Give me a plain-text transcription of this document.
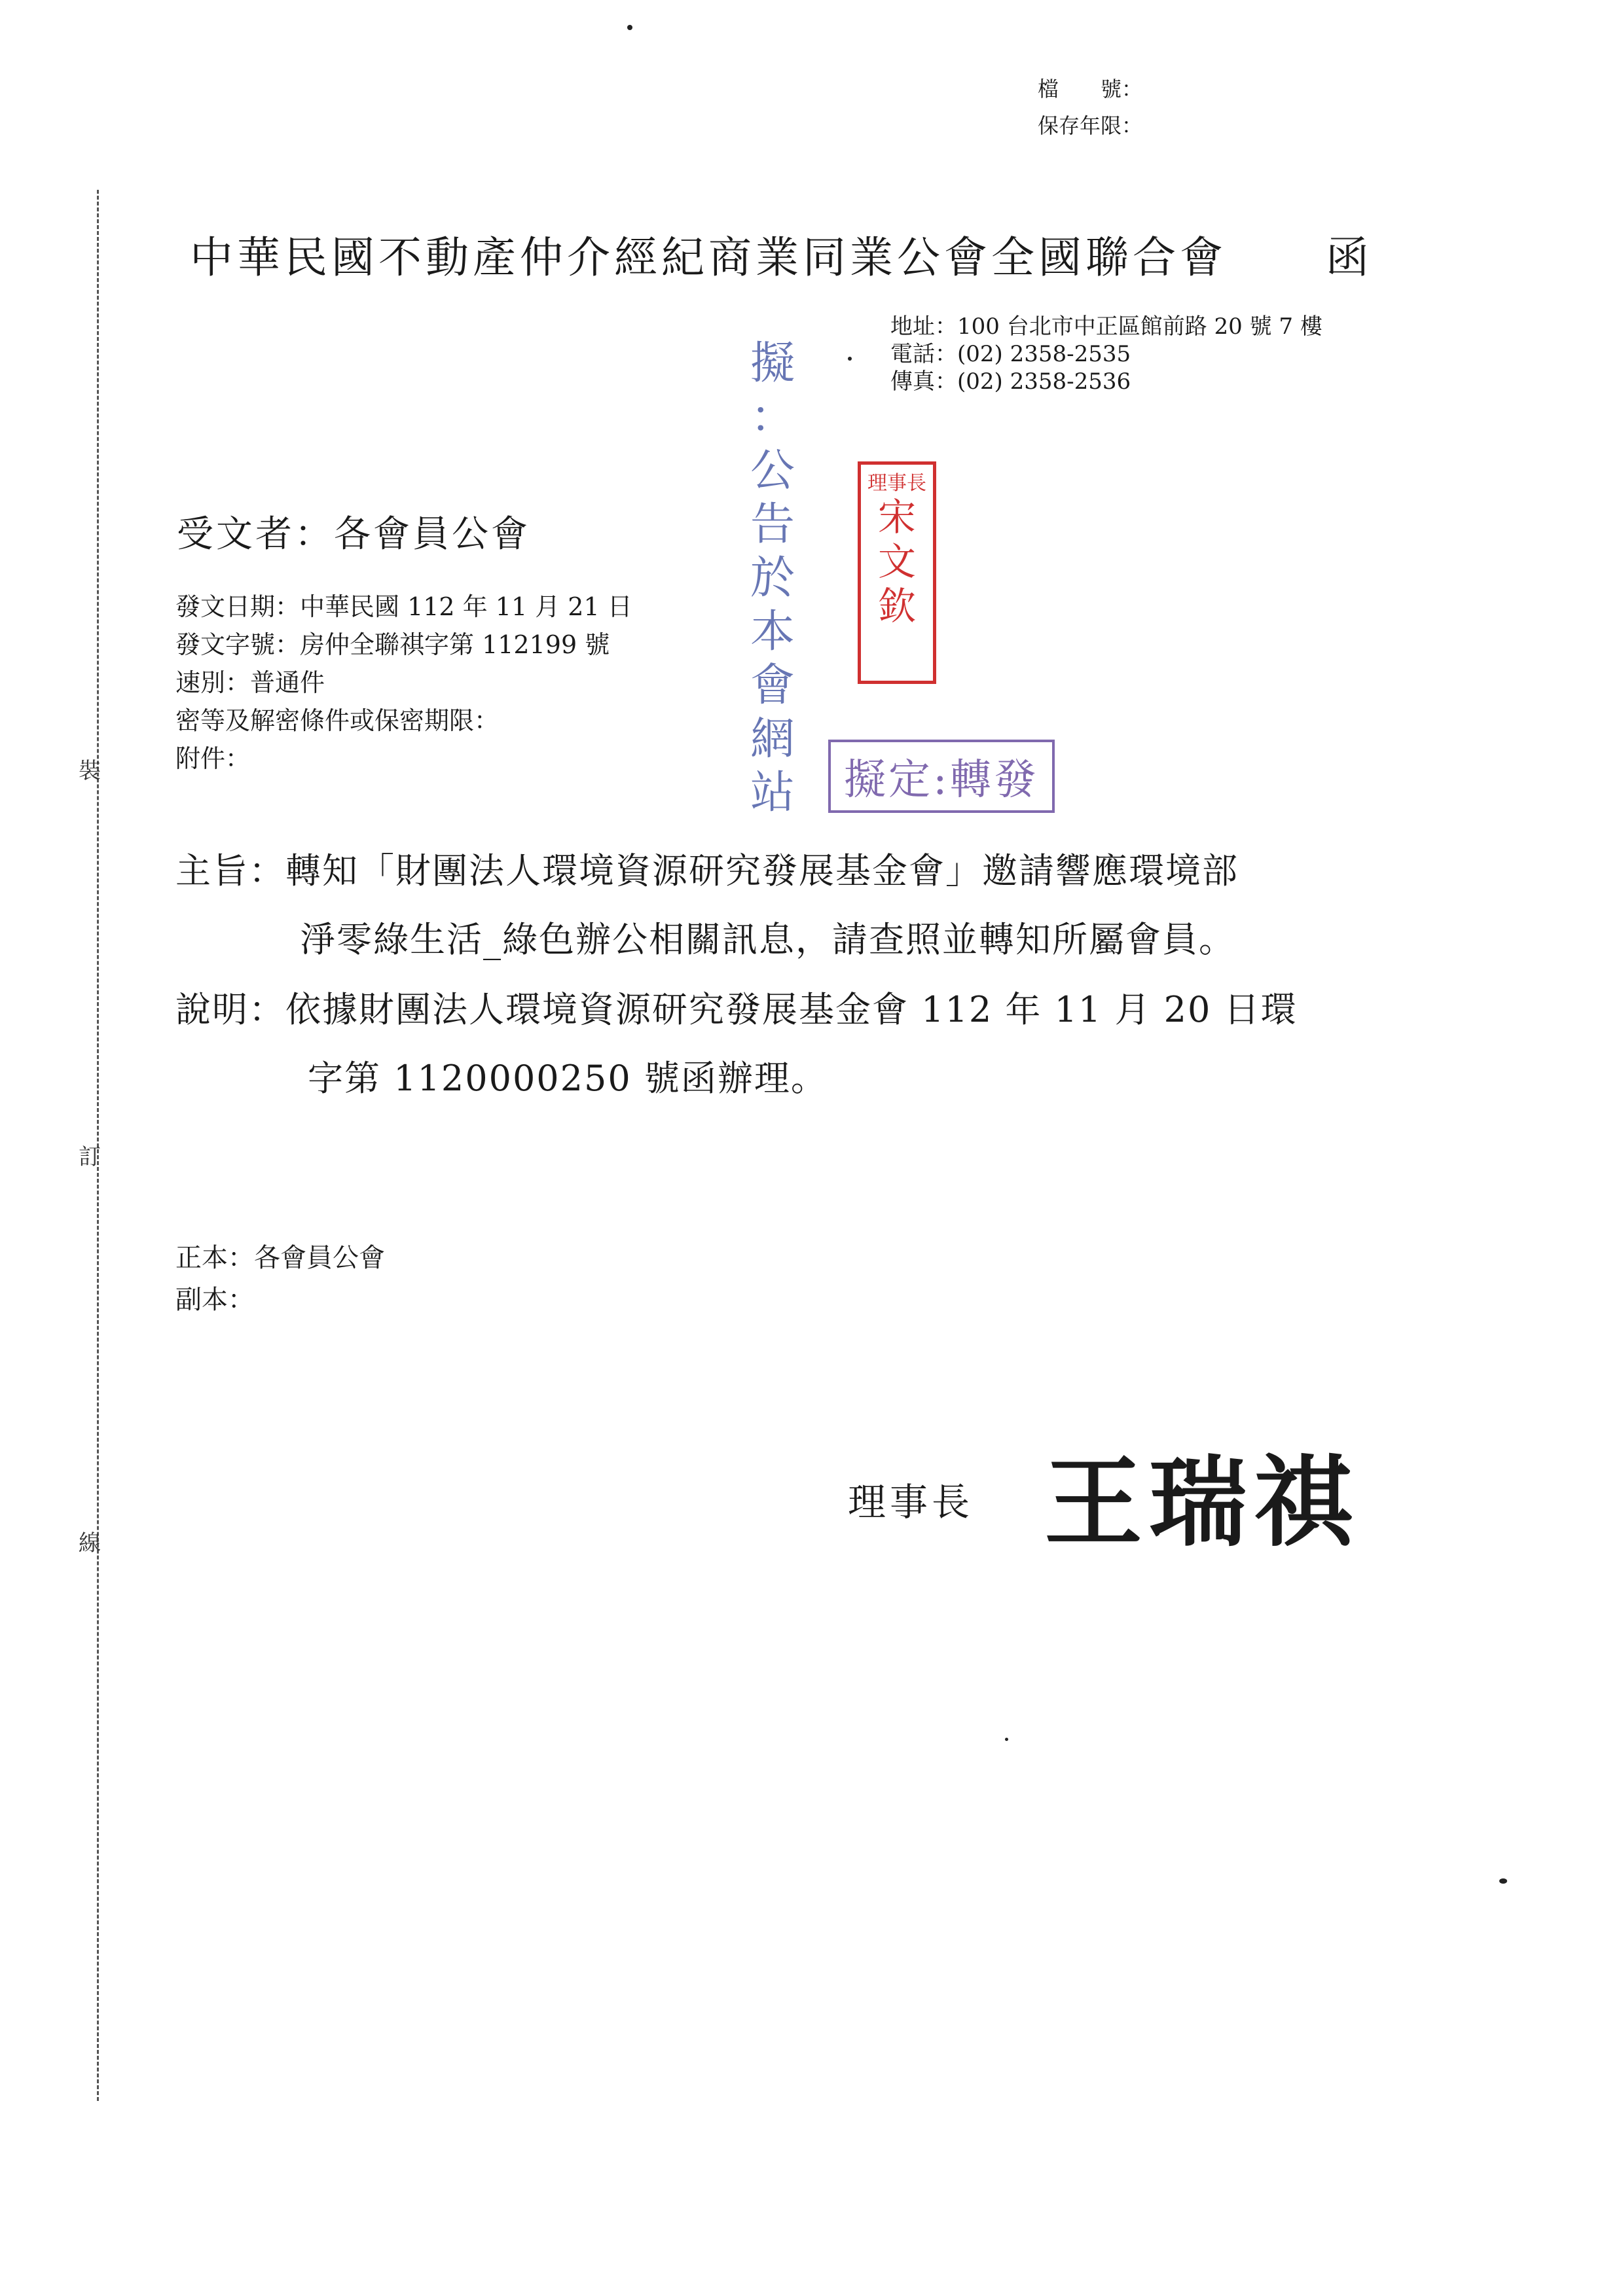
檔　　號：
保存年限：
裝
訂
線
中華民國不動產仲介經紀商業同業公會全國聯合會 函
地址：100 台北市中正區館前路 20 號 7 樓
電話：(02) 2358-2535
傳真：(02) 2358-2536
擬
：
公
告
於
本
會
網
站
理事長
宋文
欽
擬定:轉發
受文者：各會員公會
發文日期：中華民國 112 年 11 月 21 日
發文字號：房仲全聯祺字第 112199 號
速別：普通件
密等及解密條件或保密期限：
附件：
主旨：轉知「財團法人環境資源研究發展基金會」邀請響應環境部
淨零綠生活_綠色辦公相關訊息，請查照並轉知所屬會員。
說明：依據財團法人環境資源研究發展基金會 112 年 11 月 20 日環
字第 1120000250 號函辦理。
正本：各會員公會
副本：
理事長 王瑞祺
